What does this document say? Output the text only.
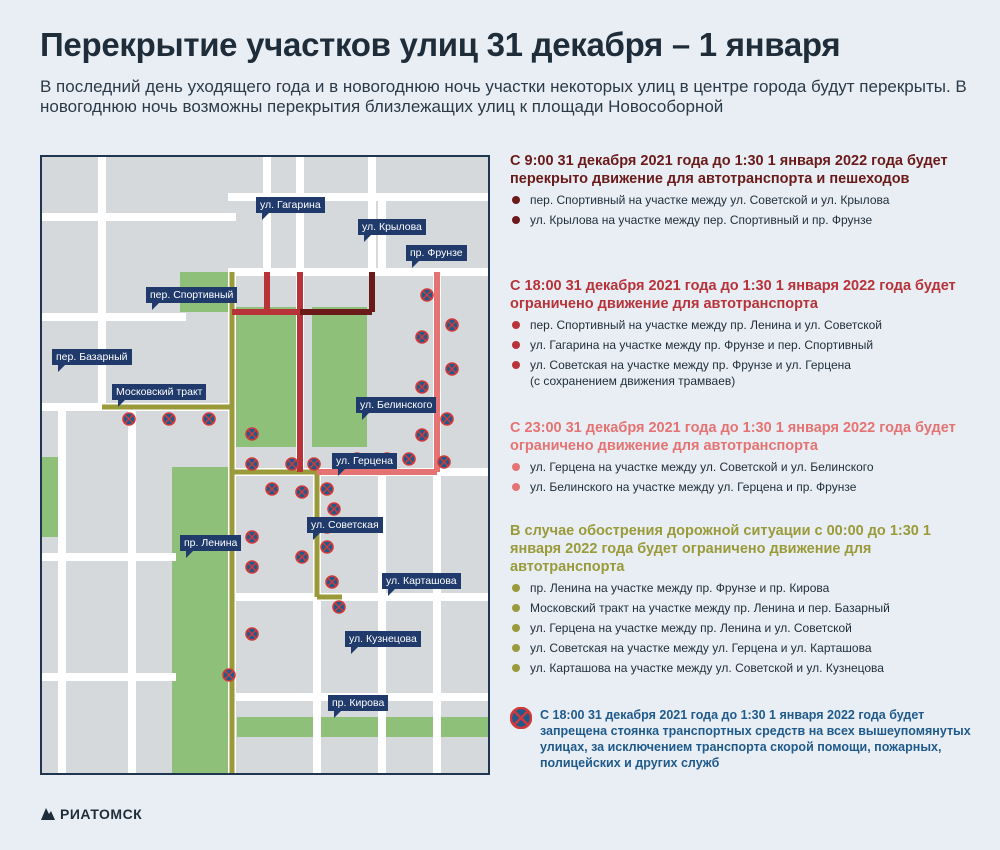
Перекрытие участков улиц 31 декабря – 1 января
В последний день уходящего года и в новогоднюю ночь участки некоторых улиц в центре города будут перекрыты. В новогоднюю ночь возможны перекрытия близлежащих улиц к площади Новособорной
ул. Гагарина
ул. Крылова
пр. Фрунзе
пер. Спортивный
пер. Базарный
Московский тракт
ул. Белинского
ул. Герцена
ул. Советская
пр. Ленина
ул. Карташова
ул. Кузнецова
пр. Кирова
С 9:00 31 декабря 2021 года до 1:30 1 января 2022 года будет перекрыто движение для автотранспорта и пешеходов
пер. Спортивный на участке между ул. Советской и ул. Крылова
ул. Крылова на участке между пер. Спортивный и пр. Фрунзе
С 18:00 31 декабря 2021 года до 1:30 1 января 2022 года будет ограничено движение для автотранспорта
пер. Спортивный на участке между пр. Ленина и ул. Советской
ул. Гагарина на участке между пр. Фрунзе и пер. Спортивный
ул. Советская на участке между пр. Фрунзе и ул. Герцена
(с сохранением движения трамваев)
С 23:00 31 декабря 2021 года до 1:30 1 января 2022 года будет ограничено движение для автотранспорта
ул. Герцена на участке между ул. Советской и ул. Белинского
ул. Белинского на участке между ул. Герцена и пр. Фрунзе
В случае обострения дорожной ситуации с 00:00 до 1:30 1 января 2022 года будет ограничено движение для автотранспорта
пр. Ленина на участке между пр. Фрунзе и пр. Кирова
Московский тракт на участке между пр. Ленина и пер. Базарный
ул. Герцена на участке между пр. Ленина и ул. Советской
ул. Советская на участке между ул. Герцена и ул. Карташова
ул. Карташова на участке между ул. Советской и ул. Кузнецова
С 18:00 31 декабря 2021 года до 1:30 1 января 2022 года будет запрещена стоянка транспортных средств на всех вышеупомянутых улицах, за исключением транспорта скорой помощи, пожарных, полицейских и других служб
РИАТОМСК
